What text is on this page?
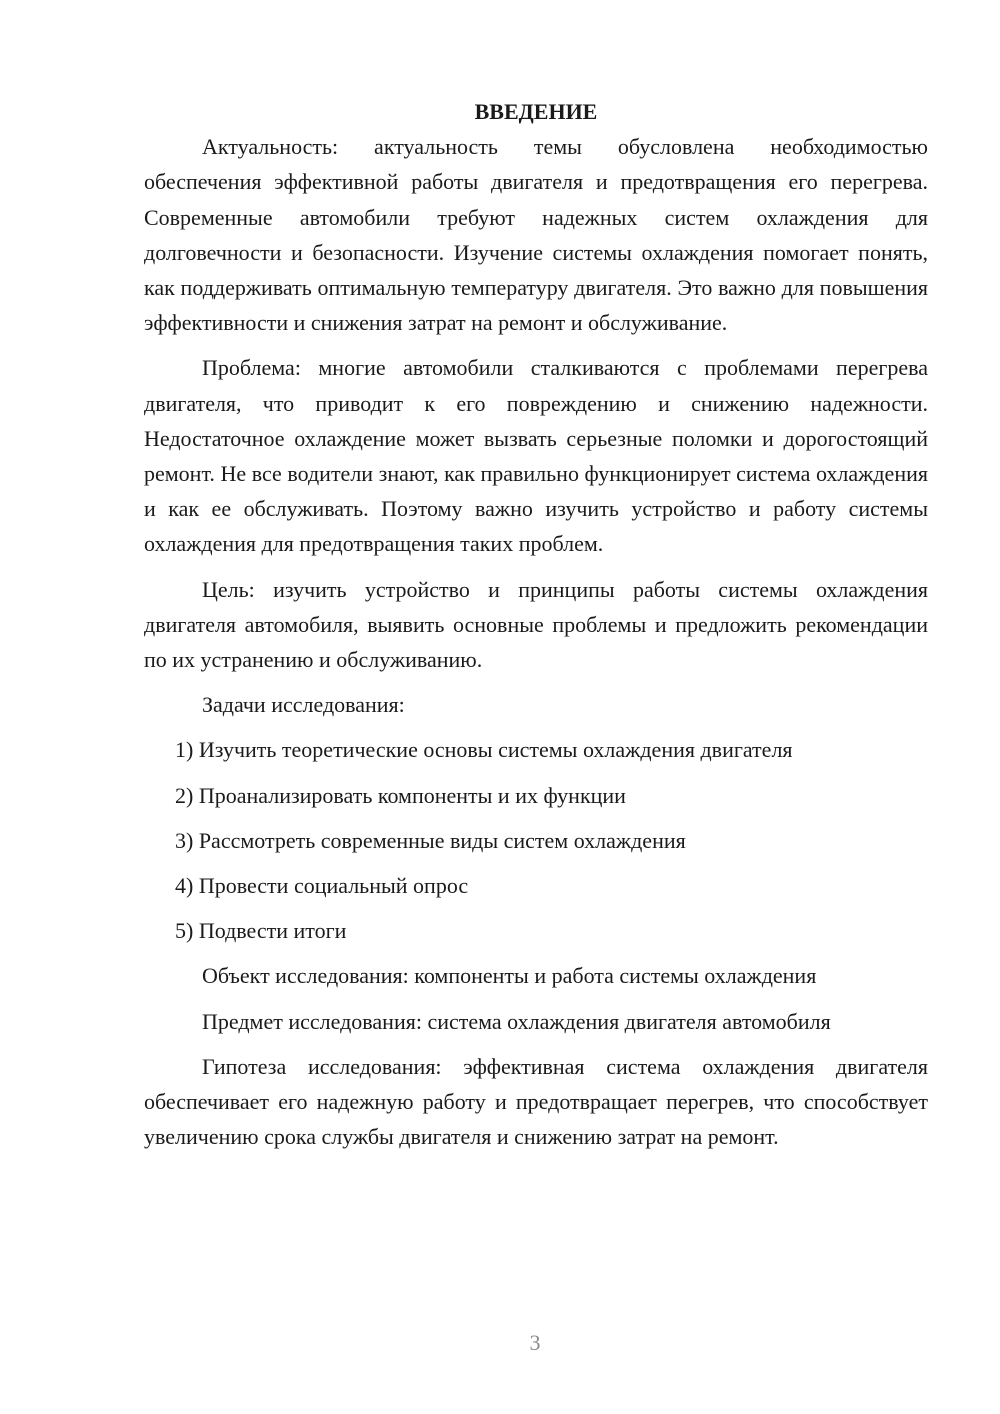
ВВЕДЕНИЕ

Актуальность: актуальность темы обусловлена необходимостью обеспечения эффективной работы двигателя и предотвращения его перегрева. Современные автомобили требуют надежных систем охлаждения для долговечности и безопасности. Изучение системы охлаждения помогает понять, как поддерживать оптимальную температуру двигателя. Это важно для повышения эффективности и снижения затрат на ремонт и обслуживание.

Проблема: многие автомобили сталкиваются с проблемами перегрева двигателя, что приводит к его повреждению и снижению надежности. Недостаточное охлаждение может вызвать серьезные поломки и дорогостоящий ремонт. Не все водители знают, как правильно функционирует система охлаждения и как ее обслуживать. Поэтому важно изучить устройство и работу системы охлаждения для предотвращения таких проблем.

Цель: изучить устройство и принципы работы системы охлаждения двигателя автомобиля, выявить основные проблемы и предложить рекомендации по их устранению и обслуживанию.

Задачи исследования:

1) Изучить теоретические основы системы охлаждения двигателя
2) Проанализировать компоненты и их функции
3) Рассмотреть современные виды систем охлаждения
4) Провести социальный опрос
5) Подвести итоги

Объект исследования: компоненты и работа системы охлаждения

Предмет исследования: система охлаждения двигателя автомобиля

Гипотеза исследования: эффективная система охлаждения двигателя обеспечивает его надежную работу и предотвращает перегрев, что способствует увеличению срока службы двигателя и снижению затрат на ремонт.

3
